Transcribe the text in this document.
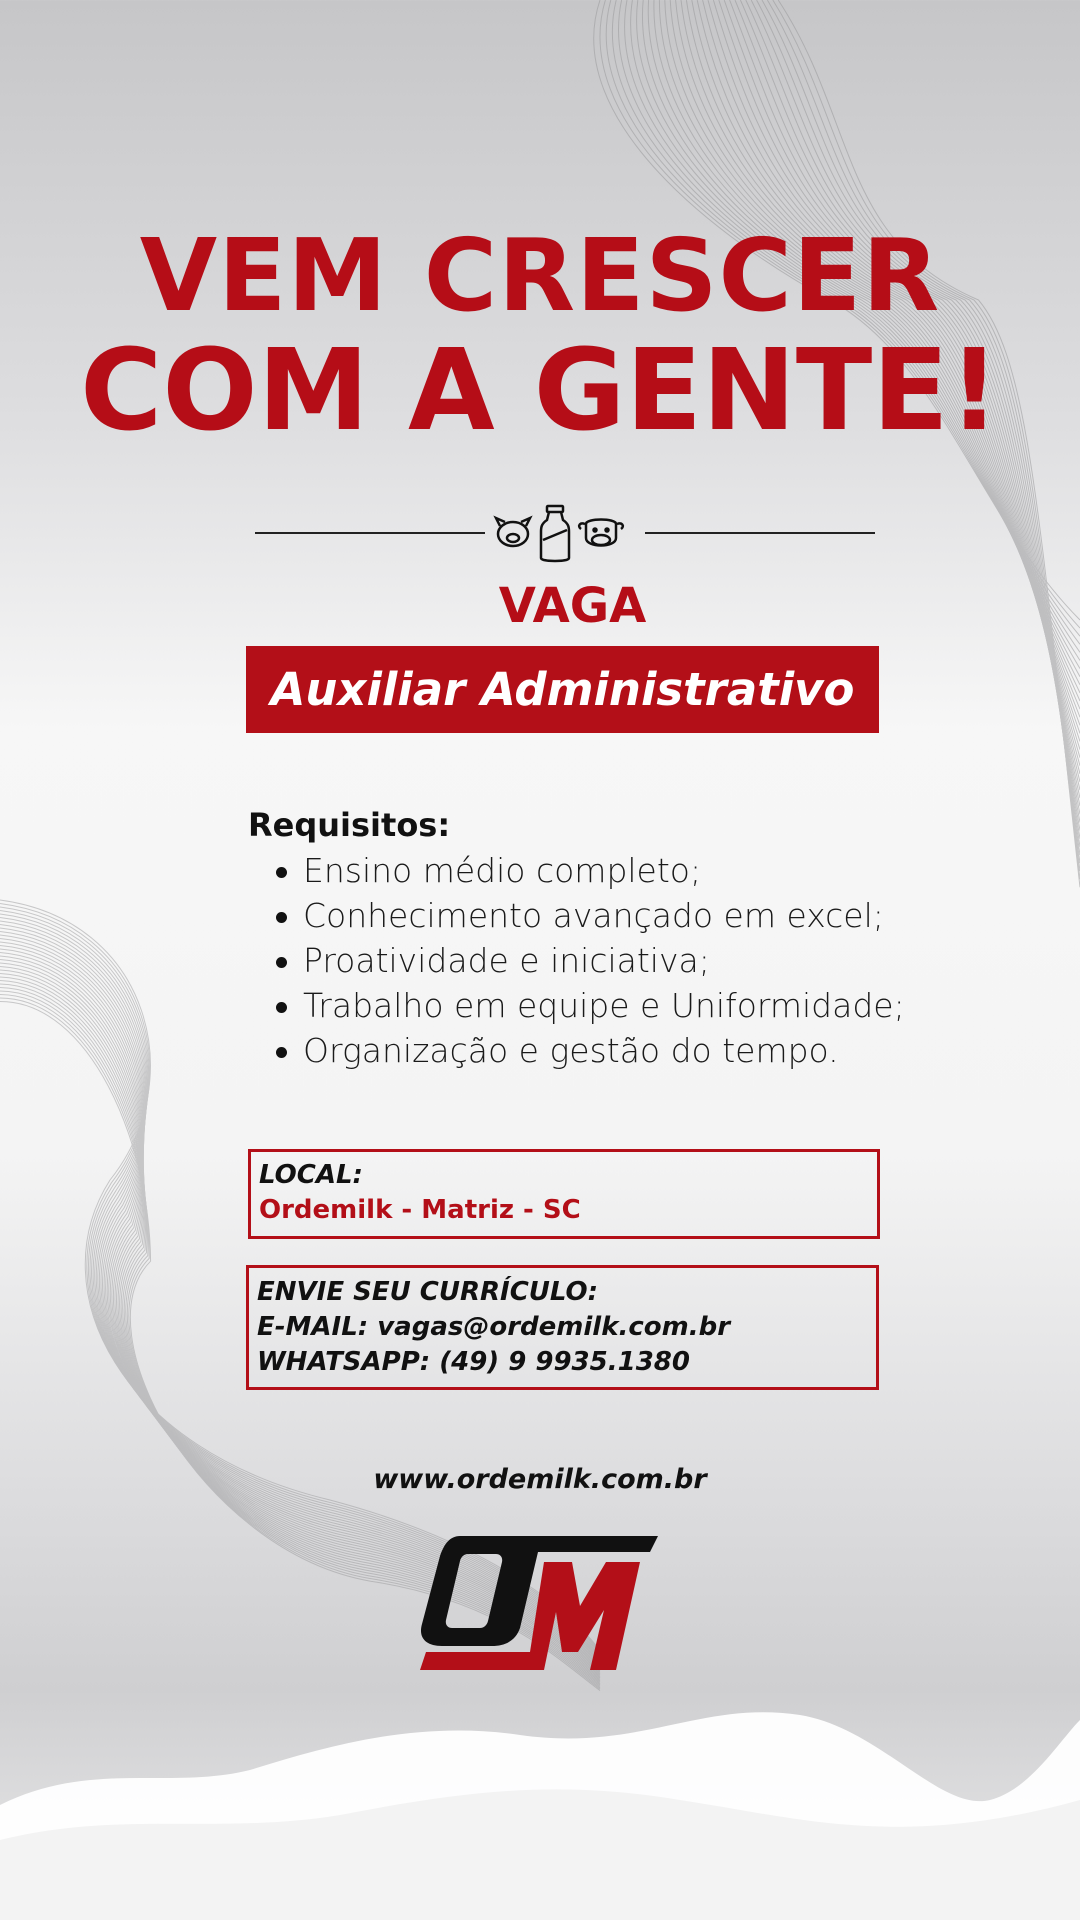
VEM CRESCER
COM A GENTE!
VAGA
Auxiliar Administrativo
Requisitos:
Ensino médio completo;
Conhecimento avançado em excel;
Proatividade e iniciativa;
Trabalho em equipe e Uniformidade;
Organização e gestão do tempo.
LOCAL:
Ordemilk - Matriz - SC
ENVIE SEU CURRÍCULO:
E-MAIL: vagas@ordemilk.com.br
WHATSAPP: (49) 9 9935.1380
www.ordemilk.com.br
